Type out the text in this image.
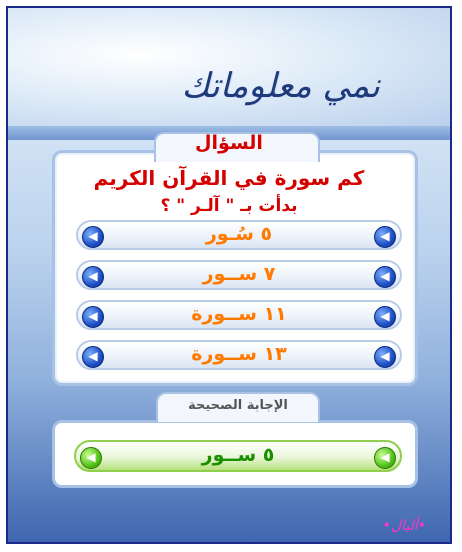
نمي معلوماتك
السؤال
كم سورة في القرآن الكريم
بدأت بـ " آلـر " ؟
◀	٥ سُـور	◀
◀	٧ ســور	◀
◀	١١ ســورة	◀
◀	١٣ ســورة	◀
الإجابة الصحيحة
◀	٥ ســور	◀
•أليال•
